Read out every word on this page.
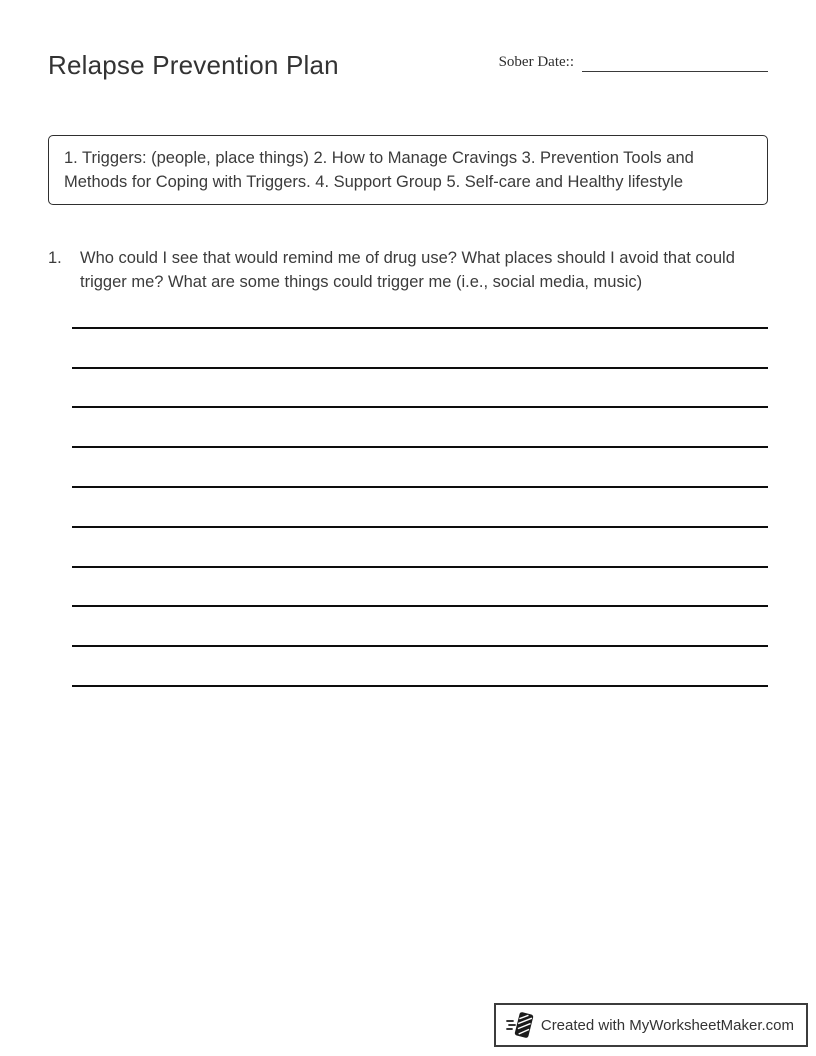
Relapse Prevention Plan	Sober Date::
1. Triggers: (people, place things) 2. How to Manage Cravings 3. Prevention Tools and Methods for Coping with Triggers. 4. Support Group 5. Self-care and Healthy lifestyle
1.	Who could I see that would remind me of drug use? What places should I avoid that could trigger me? What are some things could trigger me (i.e., social media, music)
Created with MyWorksheetMaker.com
